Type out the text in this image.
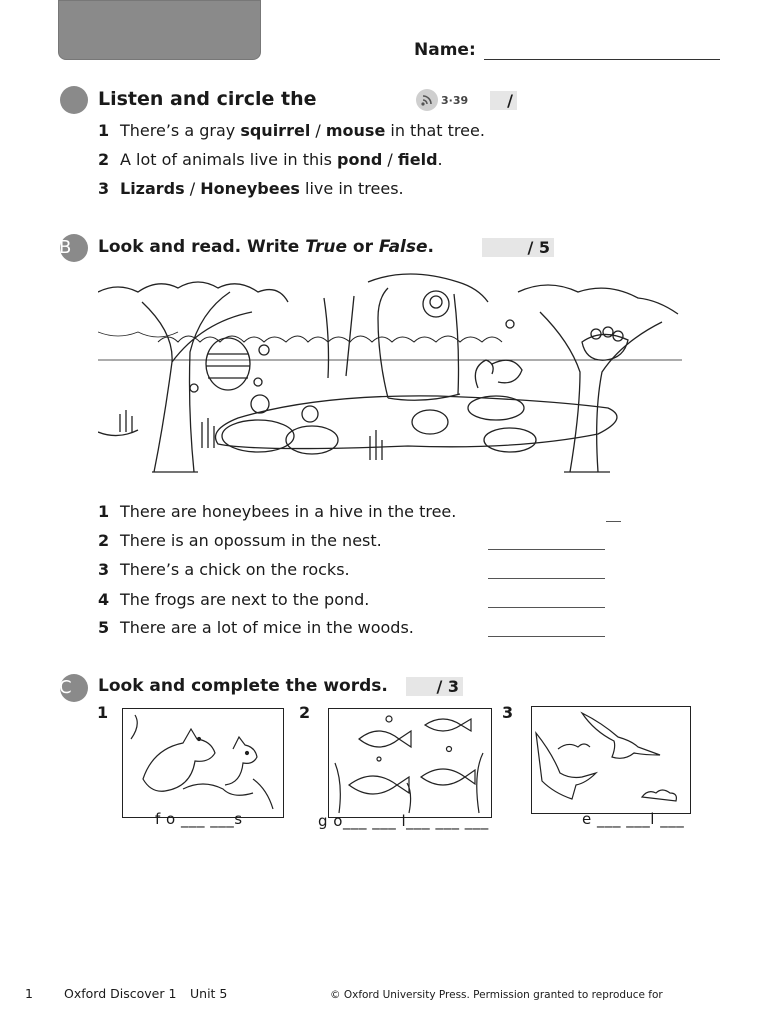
Name:
Listen and circle the	3·39	/
1 There’s a gray squirrel / mouse in that tree.
2 A lot of animals live in this pond / field.
3 Lizards / Honeybees live in trees.
B	Look and read. Write True or False.	/ 5
1 There are honeybees in a hive in the tree.
2 There is an opossum in the nest.
3 There’s a chick on the rocks.
4 The frogs are next to the pond.
5 There are a lot of mice in the woods.
C	Look and complete the words.	/ 3
1
f o ___ ___s
2
g o___ ___ l___ ___ ___
3
e ___ ___l ___
1 Oxford Discover 1 Unit 5	© Oxford University Press. Permission granted to reproduce for
